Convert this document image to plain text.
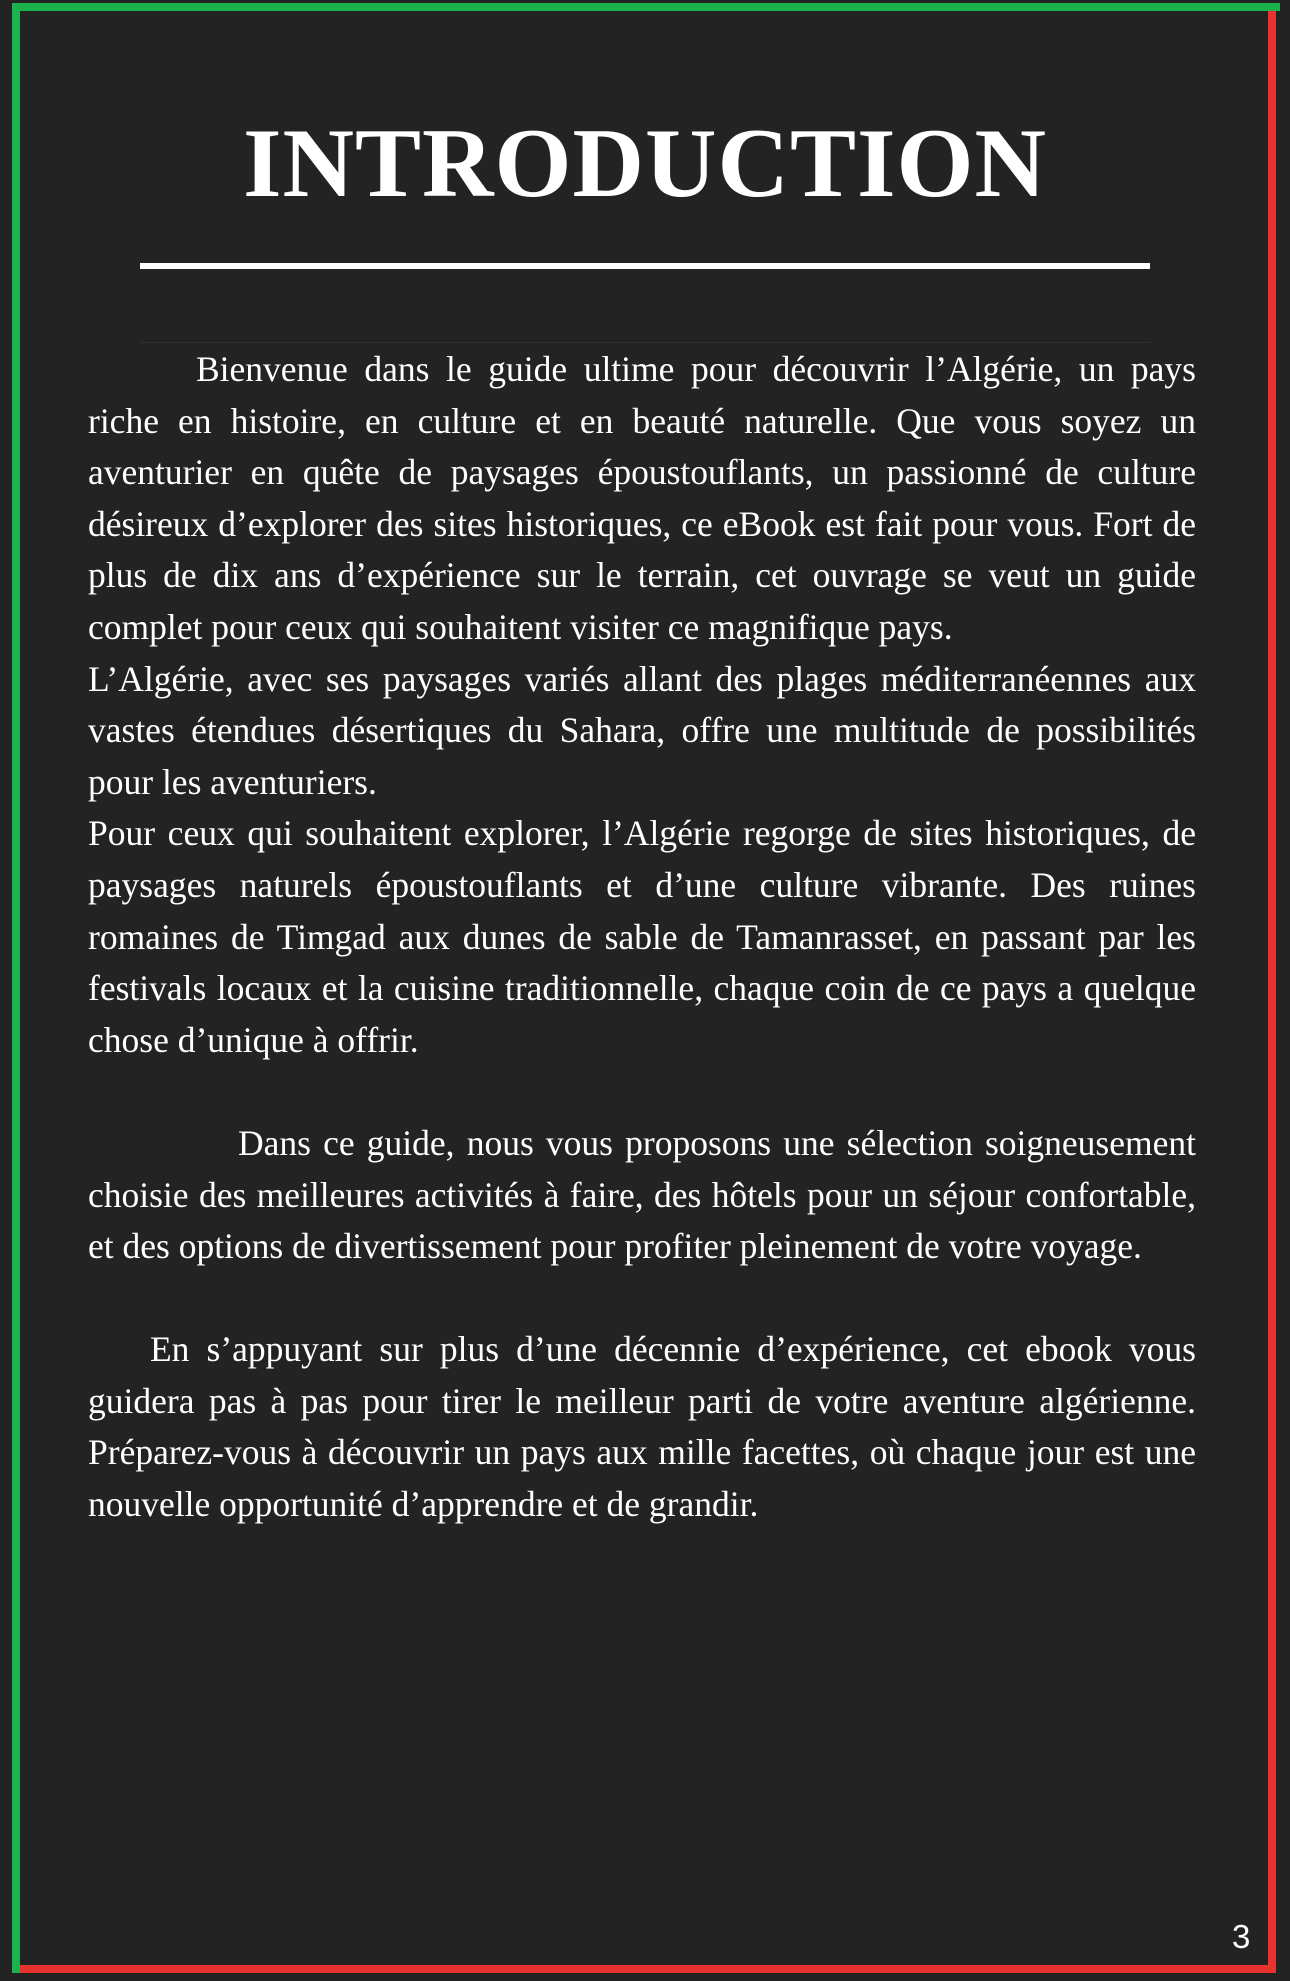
INTRODUCTION

Bienvenue dans le guide ultime pour découvrir l’Algérie, un pays riche en histoire, en culture et en beauté naturelle. Que vous soyez un aventurier en quête de paysages époustouflants, un passionné de culture désireux d’explorer des sites historiques, ce eBook est fait pour vous. Fort de plus de dix ans d’expérience sur le terrain, cet ouvrage se veut un guide complet pour ceux qui souhaitent visiter ce magnifique pays.

L’Algérie, avec ses paysages variés allant des plages méditerranéennes aux vastes étendues désertiques du Sahara, offre une multitude de possibilités pour les aventuriers.

Pour ceux qui souhaitent explorer, l’Algérie regorge de sites historiques, de paysages naturels époustouflants et d’une culture vibrante. Des ruines romaines de Timgad aux dunes de sable de Tamanrasset, en passant par les festivals locaux et la cuisine traditionnelle, chaque coin de ce pays a quelque chose d’unique à offrir.

Dans ce guide, nous vous proposons une sélection soigneusement choisie des meilleures activités à faire, des hôtels pour un séjour confortable, et des options de divertissement pour profiter pleinement de votre voyage.

En s’appuyant sur plus d’une décennie d’expérience, cet ebook vous guidera pas à pas pour tirer le meilleur parti de votre aventure algérienne. Préparez-vous à découvrir un pays aux mille facettes, où chaque jour est une nouvelle opportunité d’apprendre et de grandir.

3
